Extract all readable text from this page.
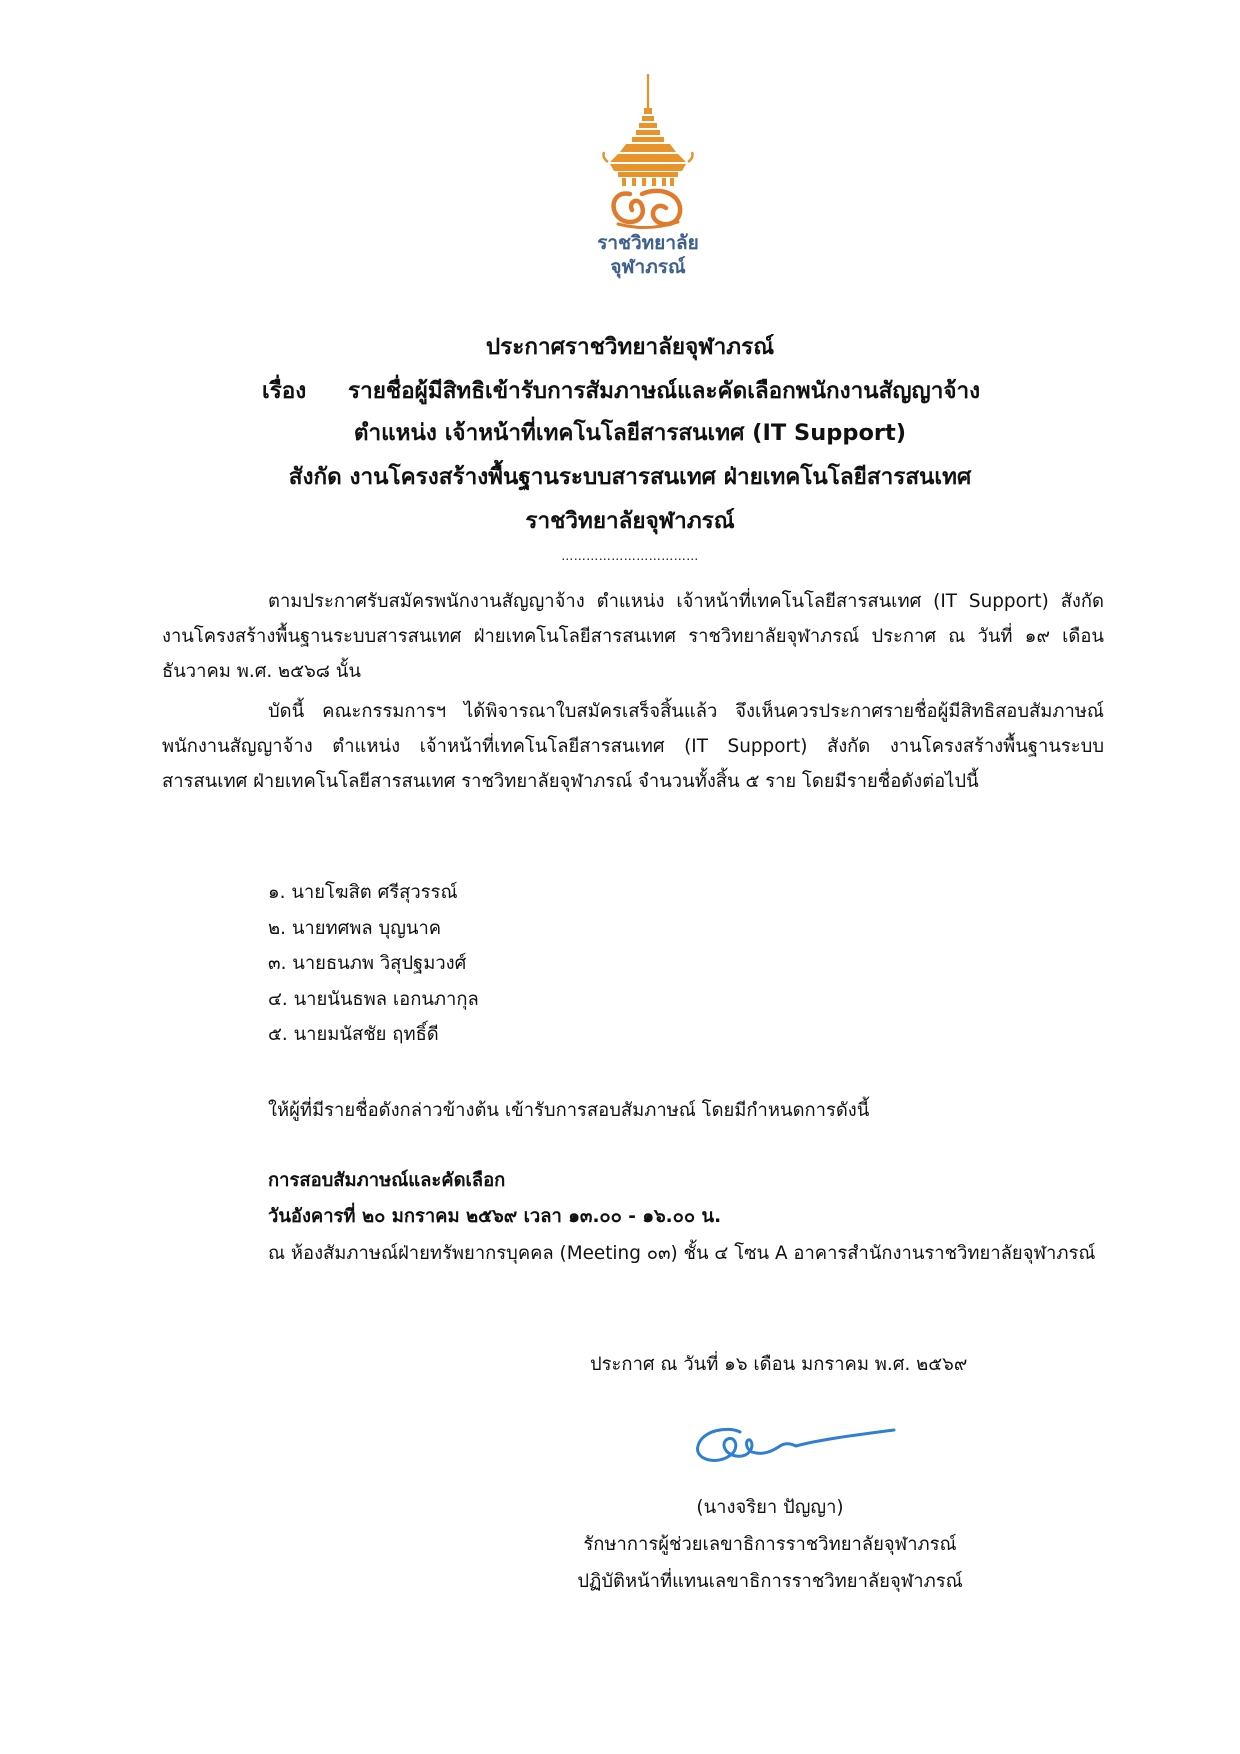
ราชวิทยาลัย
จุฬาภรณ์
ประกาศราชวิทยาลัยจุฬาภรณ์
เรื่อง รายชื่อผู้มีสิทธิเข้ารับการสัมภาษณ์และคัดเลือกพนักงานสัญญาจ้าง
ตำแหน่ง เจ้าหน้าที่เทคโนโลยีสารสนเทศ (IT Support)
สังกัด งานโครงสร้างพื้นฐานระบบสารสนเทศ ฝ่ายเทคโนโลยีสารสนเทศ
ราชวิทยาลัยจุฬาภรณ์
……………………………
ตามประกาศรับสมัครพนักงานสัญญาจ้าง ตำแหน่ง เจ้าหน้าที่เทคโนโลยีสารสนเทศ (IT Support) สังกัด งานโครงสร้างพื้นฐานระบบสารสนเทศ ฝ่ายเทคโนโลยีสารสนเทศ ราชวิทยาลัยจุฬาภรณ์ ประกาศ ณ วันที่ ๑๙ เดือน ธันวาคม พ.ศ. ๒๕๖๘ นั้น
บัดนี้ คณะกรรมการฯ ได้พิจารณาใบสมัครเสร็จสิ้นแล้ว จึงเห็นควรประกาศรายชื่อผู้มีสิทธิสอบสัมภาษณ์พนักงานสัญญาจ้าง ตำแหน่ง เจ้าหน้าที่เทคโนโลยีสารสนเทศ (IT Support) สังกัด งานโครงสร้างพื้นฐานระบบสารสนเทศ ฝ่ายเทคโนโลยีสารสนเทศ ราชวิทยาลัยจุฬาภรณ์ จำนวนทั้งสิ้น ๕ ราย โดยมีรายชื่อดังต่อไปนี้
๑. นายโฆสิต ศรีสุวรรณ์
๒. นายทศพล บุญนาค
๓. นายธนภพ วิสุปฐมวงศ์
๔. นายนันธพล เอกนภากุล
๕. นายมนัสชัย ฤทธิ์ดี
ให้ผู้ที่มีรายชื่อดังกล่าวข้างต้น เข้ารับการสอบสัมภาษณ์ โดยมีกำหนดการดังนี้
การสอบสัมภาษณ์และคัดเลือก
วันอังคารที่ ๒๐ มกราคม ๒๕๖๙ เวลา ๑๓.๐๐ - ๑๖.๐๐ น.
ณ ห้องสัมภาษณ์ฝ่ายทรัพยากรบุคคล (Meeting ๐๓) ชั้น ๔ โซน A อาคารสำนักงานราชวิทยาลัยจุฬาภรณ์
ประกาศ ณ วันที่ ๑๖ เดือน มกราคม พ.ศ. ๒๕๖๙
(นางจริยา ปัญญา)
รักษาการผู้ช่วยเลขาธิการราชวิทยาลัยจุฬาภรณ์
ปฏิบัติหน้าที่แทนเลขาธิการราชวิทยาลัยจุฬาภรณ์
